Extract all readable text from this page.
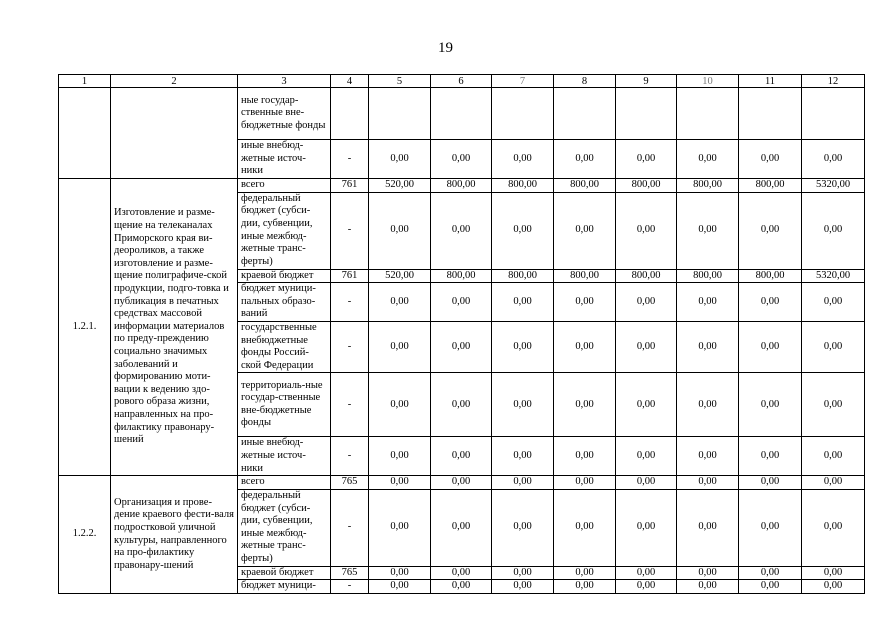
19
1	2	3	4	5	6	7	8	9	10	11	12
		ные государ-ственные вне-бюджетные фонды									
		иные внебюд-жетные источ-ники	-	0,00	0,00	0,00	0,00	0,00	0,00	0,00	0,00
1.2.1.	Изготовление и разме-щение на телеканалах Приморского края ви-деороликов, а также изготовление и разме-щение полиграфиче-ской продукции, подго-товка и публикация в печатных средствах массовой информации материалов по преду-преждению социально значимых заболеваний и формированию моти-вации к ведению здо-рового образа жизни, направленных на про-филактику правонару-шений	всего	761	520,00	800,00	800,00	800,00	800,00	800,00	800,00	5320,00
		федеральный бюджет (субси-дии, субвенции, иные межбюд-жетные транс-ферты)	-	0,00	0,00	0,00	0,00	0,00	0,00	0,00	0,00
		краевой бюджет	761	520,00	800,00	800,00	800,00	800,00	800,00	800,00	5320,00
		бюджет муници-пальных образо-ваний	-	0,00	0,00	0,00	0,00	0,00	0,00	0,00	0,00
		государственные внебюджетные фонды Россий-ской Федерации	-	0,00	0,00	0,00	0,00	0,00	0,00	0,00	0,00
		территориаль-ные государ-ственные вне-бюджетные фонды	-	0,00	0,00	0,00	0,00	0,00	0,00	0,00	0,00
		иные внебюд-жетные источ-ники	-	0,00	0,00	0,00	0,00	0,00	0,00	0,00	0,00
1.2.2.	Организация и прове-дение краевого фести-валя подростковой уличной культуры, направленного на про-филактику правонару-шений	всего	765	0,00	0,00	0,00	0,00	0,00	0,00	0,00	0,00
		федеральный бюджет (субси-дии, субвенции, иные межбюд-жетные транс-ферты)	-	0,00	0,00	0,00	0,00	0,00	0,00	0,00	0,00
		краевой бюджет	765	0,00	0,00	0,00	0,00	0,00	0,00	0,00	0,00
		бюджет муници-	-	0,00	0,00	0,00	0,00	0,00	0,00	0,00	0,00
